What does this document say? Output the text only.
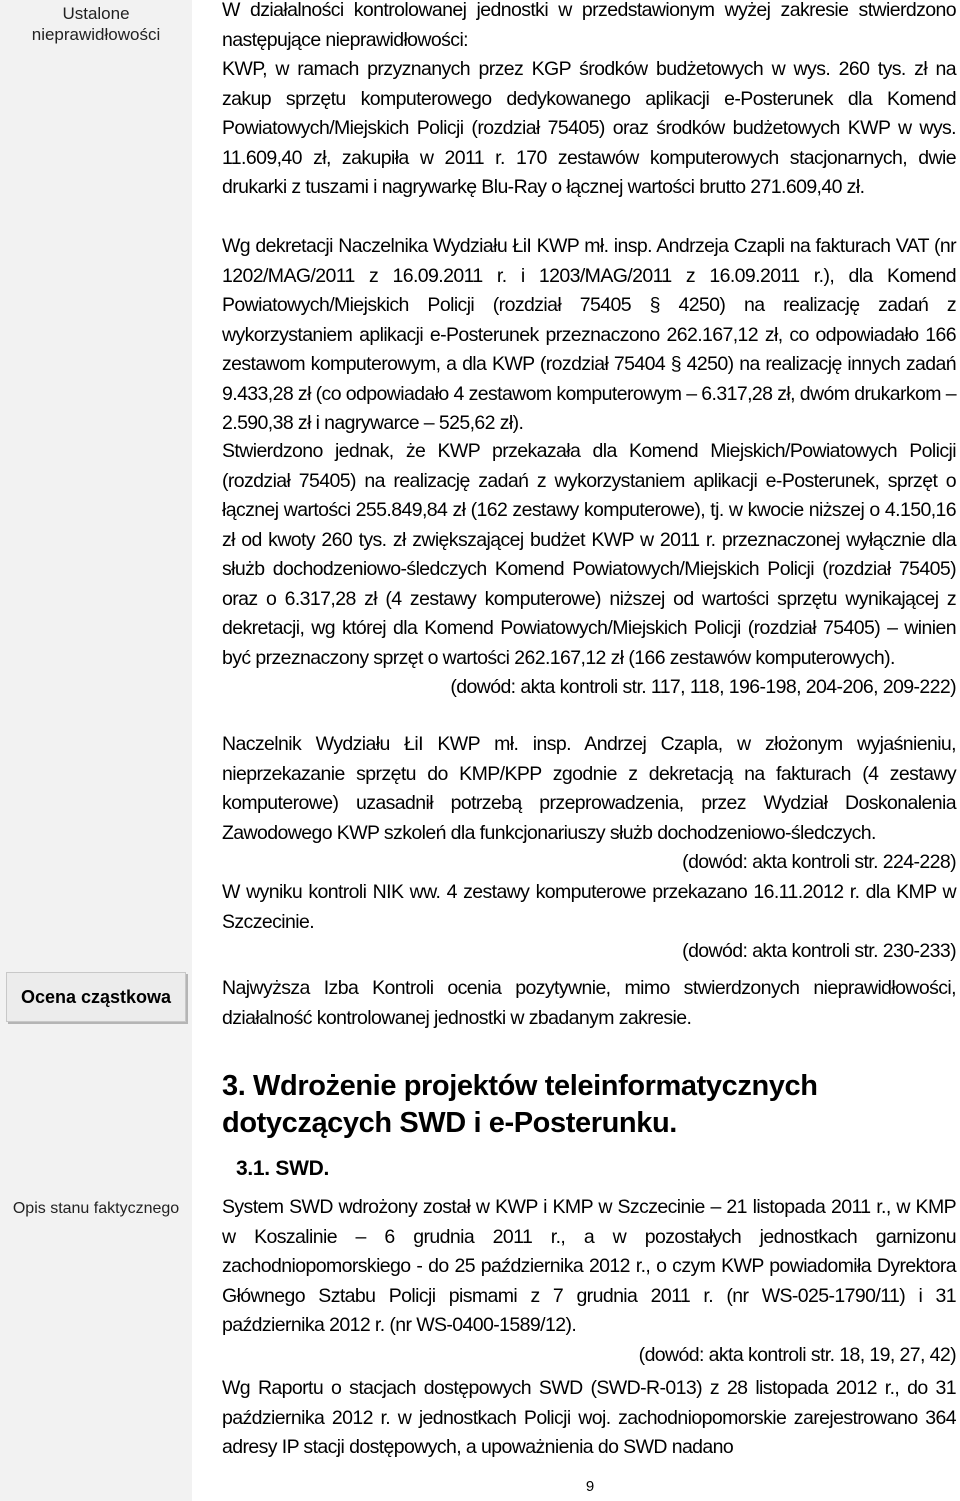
Ustalone nieprawidłowości
Ocena cząstkowa
Opis stanu faktycznego

W działalności kontrolowanej jednostki w przedstawionym wyżej zakresie stwierdzono następujące nieprawidłowości:

KWP, w ramach przyznanych przez KGP środków budżetowych w wys. 260 tys. zł na zakup sprzętu komputerowego dedykowanego aplikacji e-Posterunek dla Komend Powiatowych/Miejskich Policji (rozdział 75405) oraz środków budżetowych KWP w wys. 11.609,40 zł, zakupiła w 2011 r. 170 zestawów komputerowych stacjonarnych, dwie drukarki z tuszami i nagrywarkę Blu-Ray o łącznej wartości brutto 271.609,40 zł.

Wg dekretacji Naczelnika Wydziału ŁiI KWP mł. insp. Andrzeja Czapli na fakturach VAT (nr 1202/MAG/2011 z 16.09.2011 r. i 1203/MAG/2011 z 16.09.2011 r.), dla Komend Powiatowych/Miejskich Policji (rozdział 75405 § 4250) na realizację zadań z wykorzystaniem aplikacji e-Posterunek przeznaczono 262.167,12 zł, co odpowiadało 166 zestawom komputerowym, a dla KWP (rozdział 75404 § 4250) na realizację innych zadań 9.433,28 zł (co odpowiadało 4 zestawom komputerowym – 6.317,28 zł, dwóm drukarkom – 2.590,38 zł i nagrywarce – 525,62 zł).

Stwierdzono jednak, że KWP przekazała dla Komend Miejskich/Powiatowych Policji (rozdział 75405) na realizację zadań z wykorzystaniem aplikacji e-Posterunek, sprzęt o łącznej wartości 255.849,84 zł (162 zestawy komputerowe), tj. w kwocie niższej o 4.150,16 zł od kwoty 260 tys. zł zwiększającej budżet KWP w 2011 r. przeznaczonej wyłącznie dla służb dochodzeniowo-śledczych Komend Powiatowych/Miejskich Policji (rozdział 75405) oraz o 6.317,28 zł (4 zestawy komputerowe) niższej od wartości sprzętu wynikającej z dekretacji, wg której dla Komend Powiatowych/Miejskich Policji (rozdział 75405) – winien być przeznaczony sprzęt o wartości 262.167,12 zł (166 zestawów komputerowych).

(dowód: akta kontroli str. 117, 118, 196-198, 204-206, 209-222)

Naczelnik Wydziału ŁiI KWP mł. insp. Andrzej Czapla, w złożonym wyjaśnieniu, nieprzekazanie sprzętu do KMP/KPP zgodnie z dekretacją na fakturach (4 zestawy komputerowe) uzasadnił potrzebą przeprowadzenia, przez Wydział Doskonalenia Zawodowego KWP szkoleń dla funkcjonariuszy służb dochodzeniowo-śledczych.

(dowód: akta kontroli str. 224-228)

W wyniku kontroli NIK ww. 4 zestawy komputerowe przekazano 16.11.2012 r. dla KMP w Szczecinie.

(dowód: akta kontroli str. 230-233)

Najwyższa Izba Kontroli ocenia pozytywnie, mimo stwierdzonych nieprawidłowości, działalność kontrolowanej jednostki w zbadanym zakresie.

3. Wdrożenie projektów teleinformatycznych dotyczących SWD i e-Posterunku.

3.1. SWD.

System SWD wdrożony został w KWP i KMP w Szczecinie – 21 listopada 2011 r., w KMP w Koszalinie – 6 grudnia 2011 r., a w pozostałych jednostkach garnizonu zachodniopomorskiego - do 25 października 2012 r., o czym KWP powiadomiła Dyrektora Głównego Sztabu Policji pismami z 7 grudnia 2011 r. (nr WS-025-1790/11) i 31 października 2012 r. (nr WS-0400-1589/12).

(dowód: akta kontroli str. 18, 19, 27, 42)

Wg Raportu o stacjach dostępowych SWD (SWD-R-013) z 28 listopada 2012 r., do 31 października 2012 r. w jednostkach Policji woj. zachodniopomorskie zarejestrowano 364 adresy IP stacji dostępowych, a upoważnienia do SWD nadano

9
